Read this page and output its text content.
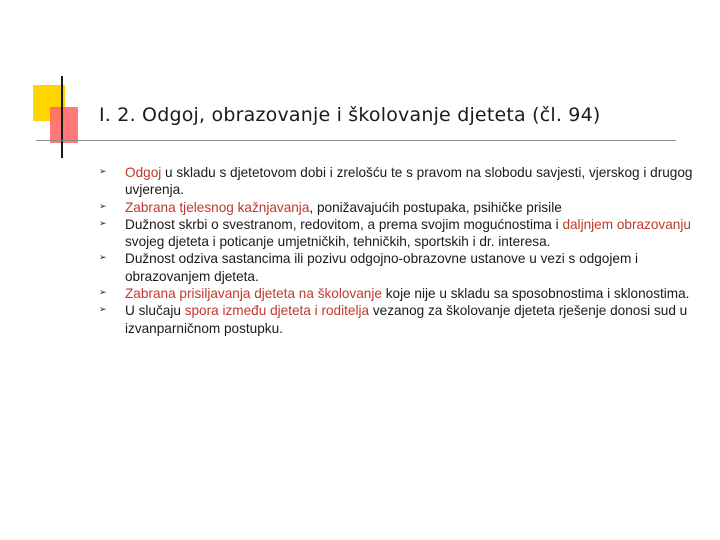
I. 2. Odgoj, obrazovanje i školovanje djeteta (čl. 94)
➢ Odgoj u skladu s djetetovom dobi i zrelošću te s pravom na slobodu savjesti, vjerskog i drugog uvjerenja.
➢ Zabrana tjelesnog kažnjavanja, ponižavajućih postupaka, psihičke prisile
➢ Dužnost skrbi o svestranom, redovitom, a prema svojim mogućnostima i daljnjem obrazovanju svojeg djeteta i poticanje umjetničkih, tehničkih, sportskih i dr. interesa.
➢ Dužnost odziva sastancima ili pozivu odgojno-obrazovne ustanove u vezi s odgojem i obrazovanjem djeteta.
➢ Zabrana prisiljavanja djeteta na školovanje koje nije u skladu sa sposobnostima i sklonostima.
➢ U slučaju spora između djeteta i roditelja vezanog za školovanje djeteta rješenje donosi sud u izvanparničnom postupku.
